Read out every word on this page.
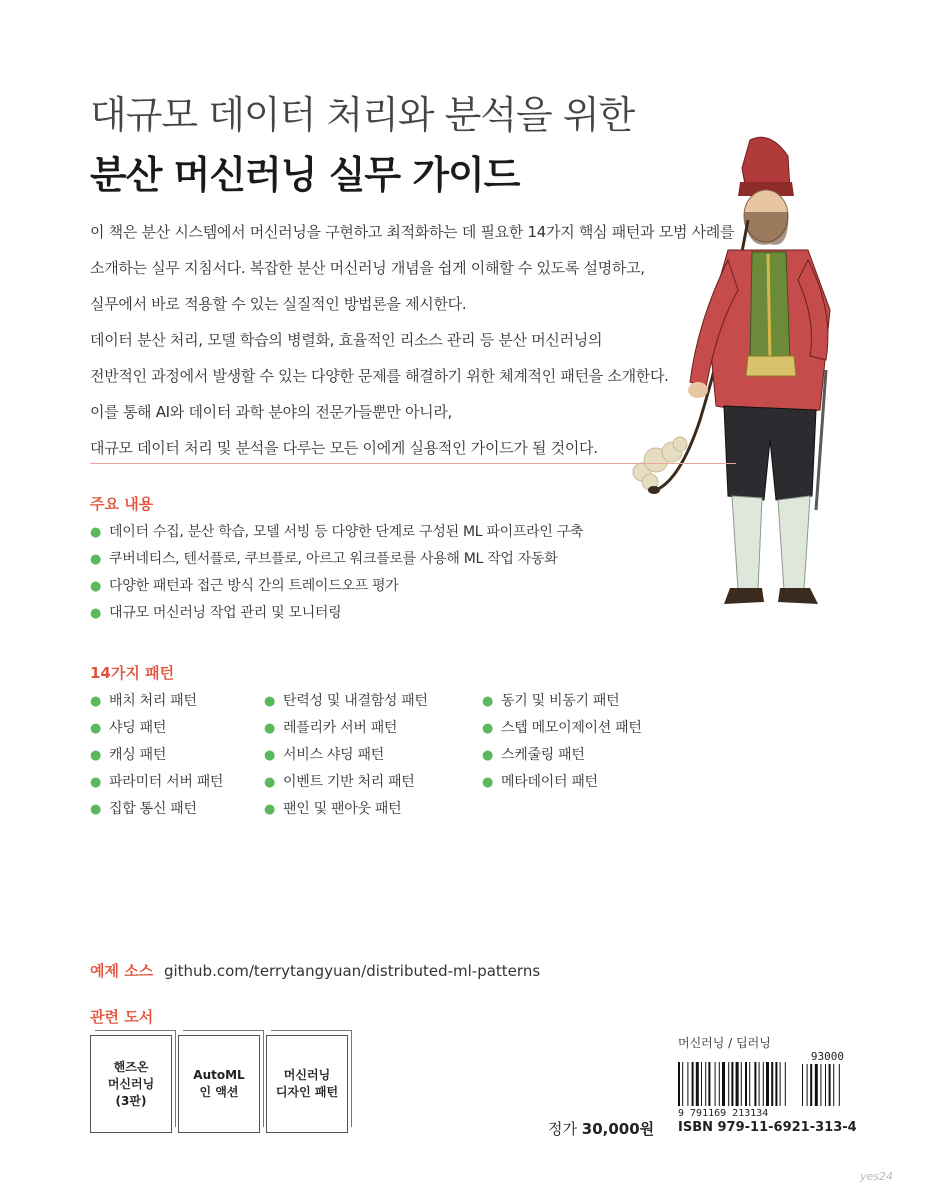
대규모 데이터 처리와 분석을 위한
분산 머신러닝 실무 가이드
이 책은 분산 시스템에서 머신러닝을 구현하고 최적화하는 데 필요한 14가지 핵심 패턴과 모범 사례를
소개하는 실무 지침서다. 복잡한 분산 머신러닝 개념을 쉽게 이해할 수 있도록 설명하고,
실무에서 바로 적용할 수 있는 실질적인 방법론을 제시한다.
데이터 분산 처리, 모델 학습의 병렬화, 효율적인 리소스 관리 등 분산 머신러닝의
전반적인 과정에서 발생할 수 있는 다양한 문제를 해결하기 위한 체계적인 패턴을 소개한다.
이를 통해 AI와 데이터 과학 분야의 전문가들뿐만 아니라,
대규모 데이터 처리 및 분석을 다루는 모든 이에게 실용적인 가이드가 될 것이다.
주요 내용
● 데이터 수집, 분산 학습, 모델 서빙 등 다양한 단계로 구성된 ML 파이프라인 구축
● 쿠버네티스, 텐서플로, 쿠브플로, 아르고 워크플로를 사용해 ML 작업 자동화
● 다양한 패턴과 접근 방식 간의 트레이드오프 평가
● 대규모 머신러닝 작업 관리 및 모니터링
14가지 패턴
● 배치 처리 패턴
● 샤딩 패턴
● 캐싱 패턴
● 파라미터 서버 패턴
● 집합 통신 패턴
● 탄력성 및 내결함성 패턴
● 레플리카 서버 패턴
● 서비스 샤딩 패턴
● 이벤트 기반 처리 패턴
● 팬인 및 팬아웃 패턴
● 동기 및 비동기 패턴
● 스텝 메모이제이션 패턴
● 스케줄링 패턴
● 메타데이터 패턴
예제 소스 github.com/terrytangyuan/distributed-ml-patterns
관련 도서
핸즈온
머신러닝
(3판)
AutoML
인 액션
머신러닝
디자인 패턴
머신러닝 / 딥러닝
93000
9 791169 213134
정가 30,000원 ISBN 979-11-6921-313-4
yes24
